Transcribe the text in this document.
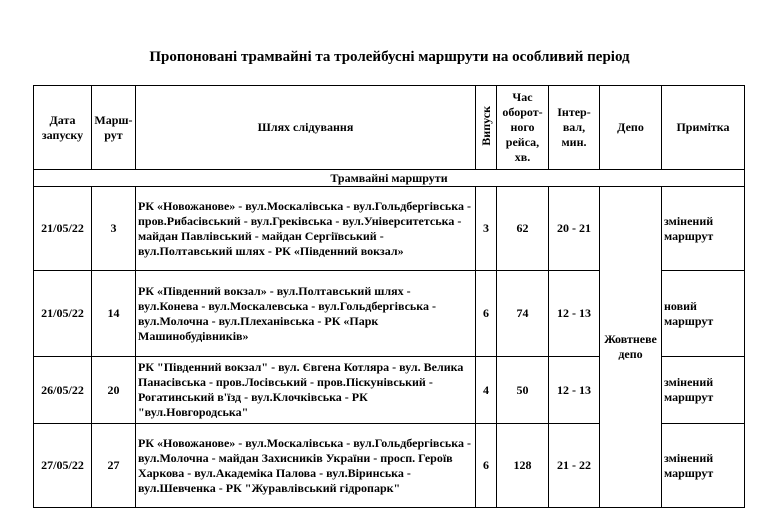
Пропоновані трамвайні та тролейбусні маршрути на особливий період
Дата запуску	Марш-рут	Шлях слідування	Випуск	Час оборот-ного рейса, хв.	Інтер-вал, мин.	Депо	Примітка
Трамвайні маршрути							
21/05/22	3	РК «Новожанове» - вул.Москалівська - вул.Гольдбергівська - пров.Рибасівський - вул.Греківська - вул.Університетська - майдан Павлівський - майдан Сергіївський - вул.Полтавський шлях - РК «Південний вокзал»	3	62	20 - 21	Жовтневе депо	змінений маршрут
21/05/22	14	РК «Південний вокзал» - вул.Полтавський шлях - вул.Конева - вул.Москалевська - вул.Гольдбергівська - вул.Молочна - вул.Плеханівська - РК «Парк Машинобудівників»	6	74	12 - 13		новий маршрут
26/05/22	20	РК "Південний вокзал" - вул. Євгена Котляра - вул. Велика Панасівська - пров.Лосівський - пров.Піскунівський - Рогатинський в'їзд - вул.Клочківська - РК "вул.Новгородська"	4	50	12 - 13		змінений маршрут
27/05/22	27	РК «Новожанове» - вул.Москалівська - вул.Гольдбергівська - вул.Молочна - майдан Захисників України - просп. Героїв Харкова - вул.Академіка Палова - вул.Віринська - вул.Шевченка - РК "Журавлівський гідропарк"	6	128	21 - 22		змінений маршрут
